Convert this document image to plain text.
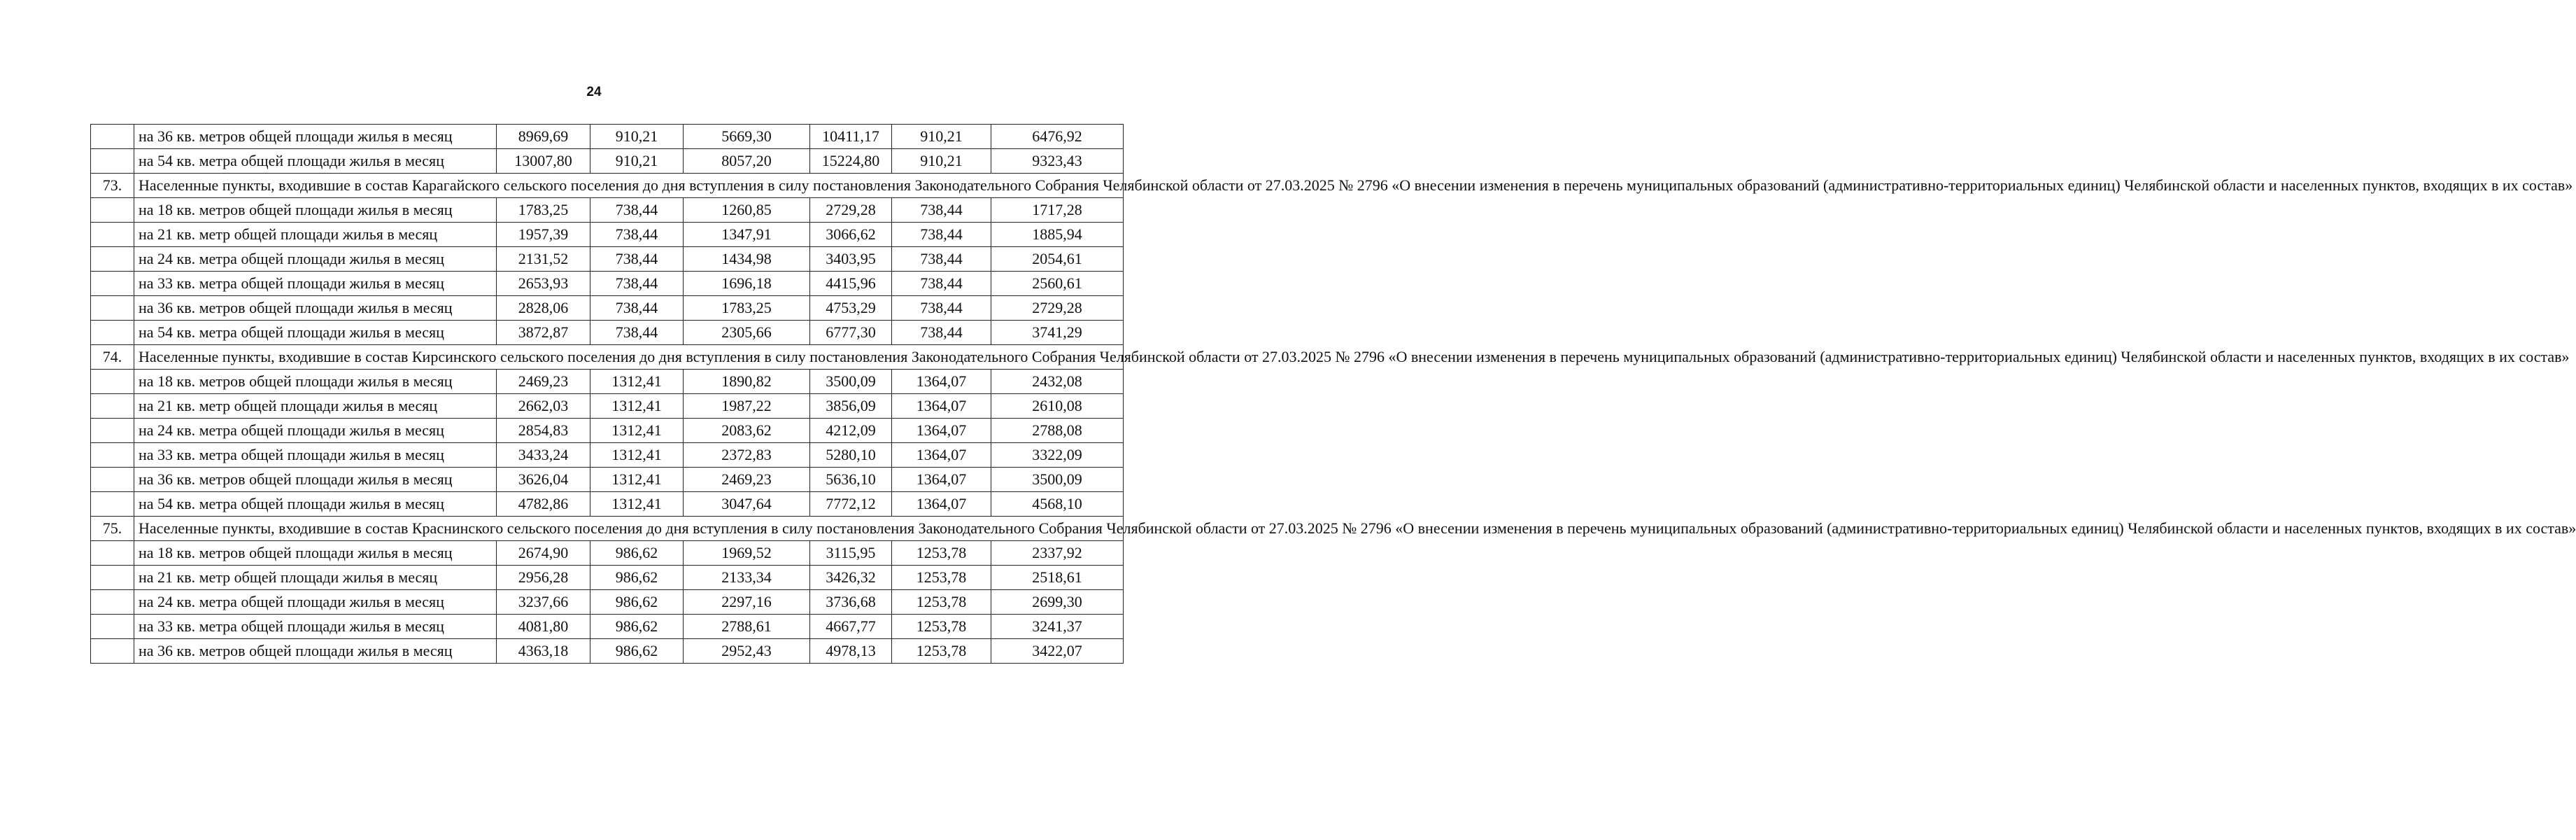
24
	на 36 кв. метров общей площади жилья в месяц	8969,69	910,21	5669,30	10411,17	910,21	6476,92
	на 54 кв. метра общей площади жилья в месяц	13007,80	910,21	8057,20	15224,80	910,21	9323,43
73.	Населенные пункты, входившие в состав Карагайского сельского поселения до дня вступления в силу постановления Законодательного Собрания Челябинской области от 27.03.2025 № 2796 «О внесении изменения в перечень муниципальных образований (административно-территориальных единиц) Челябинской области и населенных пунктов, входящих в их состав»						
	на 18 кв. метров общей площади жилья в месяц	1783,25	738,44	1260,85	2729,28	738,44	1717,28
	на 21 кв. метр общей площади жилья в месяц	1957,39	738,44	1347,91	3066,62	738,44	1885,94
	на 24 кв. метра общей площади жилья в месяц	2131,52	738,44	1434,98	3403,95	738,44	2054,61
	на 33 кв. метра общей площади жилья в месяц	2653,93	738,44	1696,18	4415,96	738,44	2560,61
	на 36 кв. метров общей площади жилья в месяц	2828,06	738,44	1783,25	4753,29	738,44	2729,28
	на 54 кв. метра общей площади жилья в месяц	3872,87	738,44	2305,66	6777,30	738,44	3741,29
74.	Населенные пункты, входившие в состав Кирсинского сельского поселения до дня вступления в силу постановления Законодательного Собрания Челябинской области от 27.03.2025 № 2796 «О внесении изменения в перечень муниципальных образований (административно-территориальных единиц) Челябинской области и населенных пунктов, входящих в их состав»						
	на 18 кв. метров общей площади жилья в месяц	2469,23	1312,41	1890,82	3500,09	1364,07	2432,08
	на 21 кв. метр общей площади жилья в месяц	2662,03	1312,41	1987,22	3856,09	1364,07	2610,08
	на 24 кв. метра общей площади жилья в месяц	2854,83	1312,41	2083,62	4212,09	1364,07	2788,08
	на 33 кв. метра общей площади жилья в месяц	3433,24	1312,41	2372,83	5280,10	1364,07	3322,09
	на 36 кв. метров общей площади жилья в месяц	3626,04	1312,41	2469,23	5636,10	1364,07	3500,09
	на 54 кв. метра общей площади жилья в месяц	4782,86	1312,41	3047,64	7772,12	1364,07	4568,10
75.	Населенные пункты, входившие в состав Краснинского сельского поселения до дня вступления в силу постановления Законодательного Собрания Челябинской области от 27.03.2025 № 2796 «О внесении изменения в перечень муниципальных образований (административно-территориальных единиц) Челябинской области и населенных пунктов, входящих в их состав»						
	на 18 кв. метров общей площади жилья в месяц	2674,90	986,62	1969,52	3115,95	1253,78	2337,92
	на 21 кв. метр общей площади жилья в месяц	2956,28	986,62	2133,34	3426,32	1253,78	2518,61
	на 24 кв. метра общей площади жилья в месяц	3237,66	986,62	2297,16	3736,68	1253,78	2699,30
	на 33 кв. метра общей площади жилья в месяц	4081,80	986,62	2788,61	4667,77	1253,78	3241,37
	на 36 кв. метров общей площади жилья в месяц	4363,18	986,62	2952,43	4978,13	1253,78	3422,07
